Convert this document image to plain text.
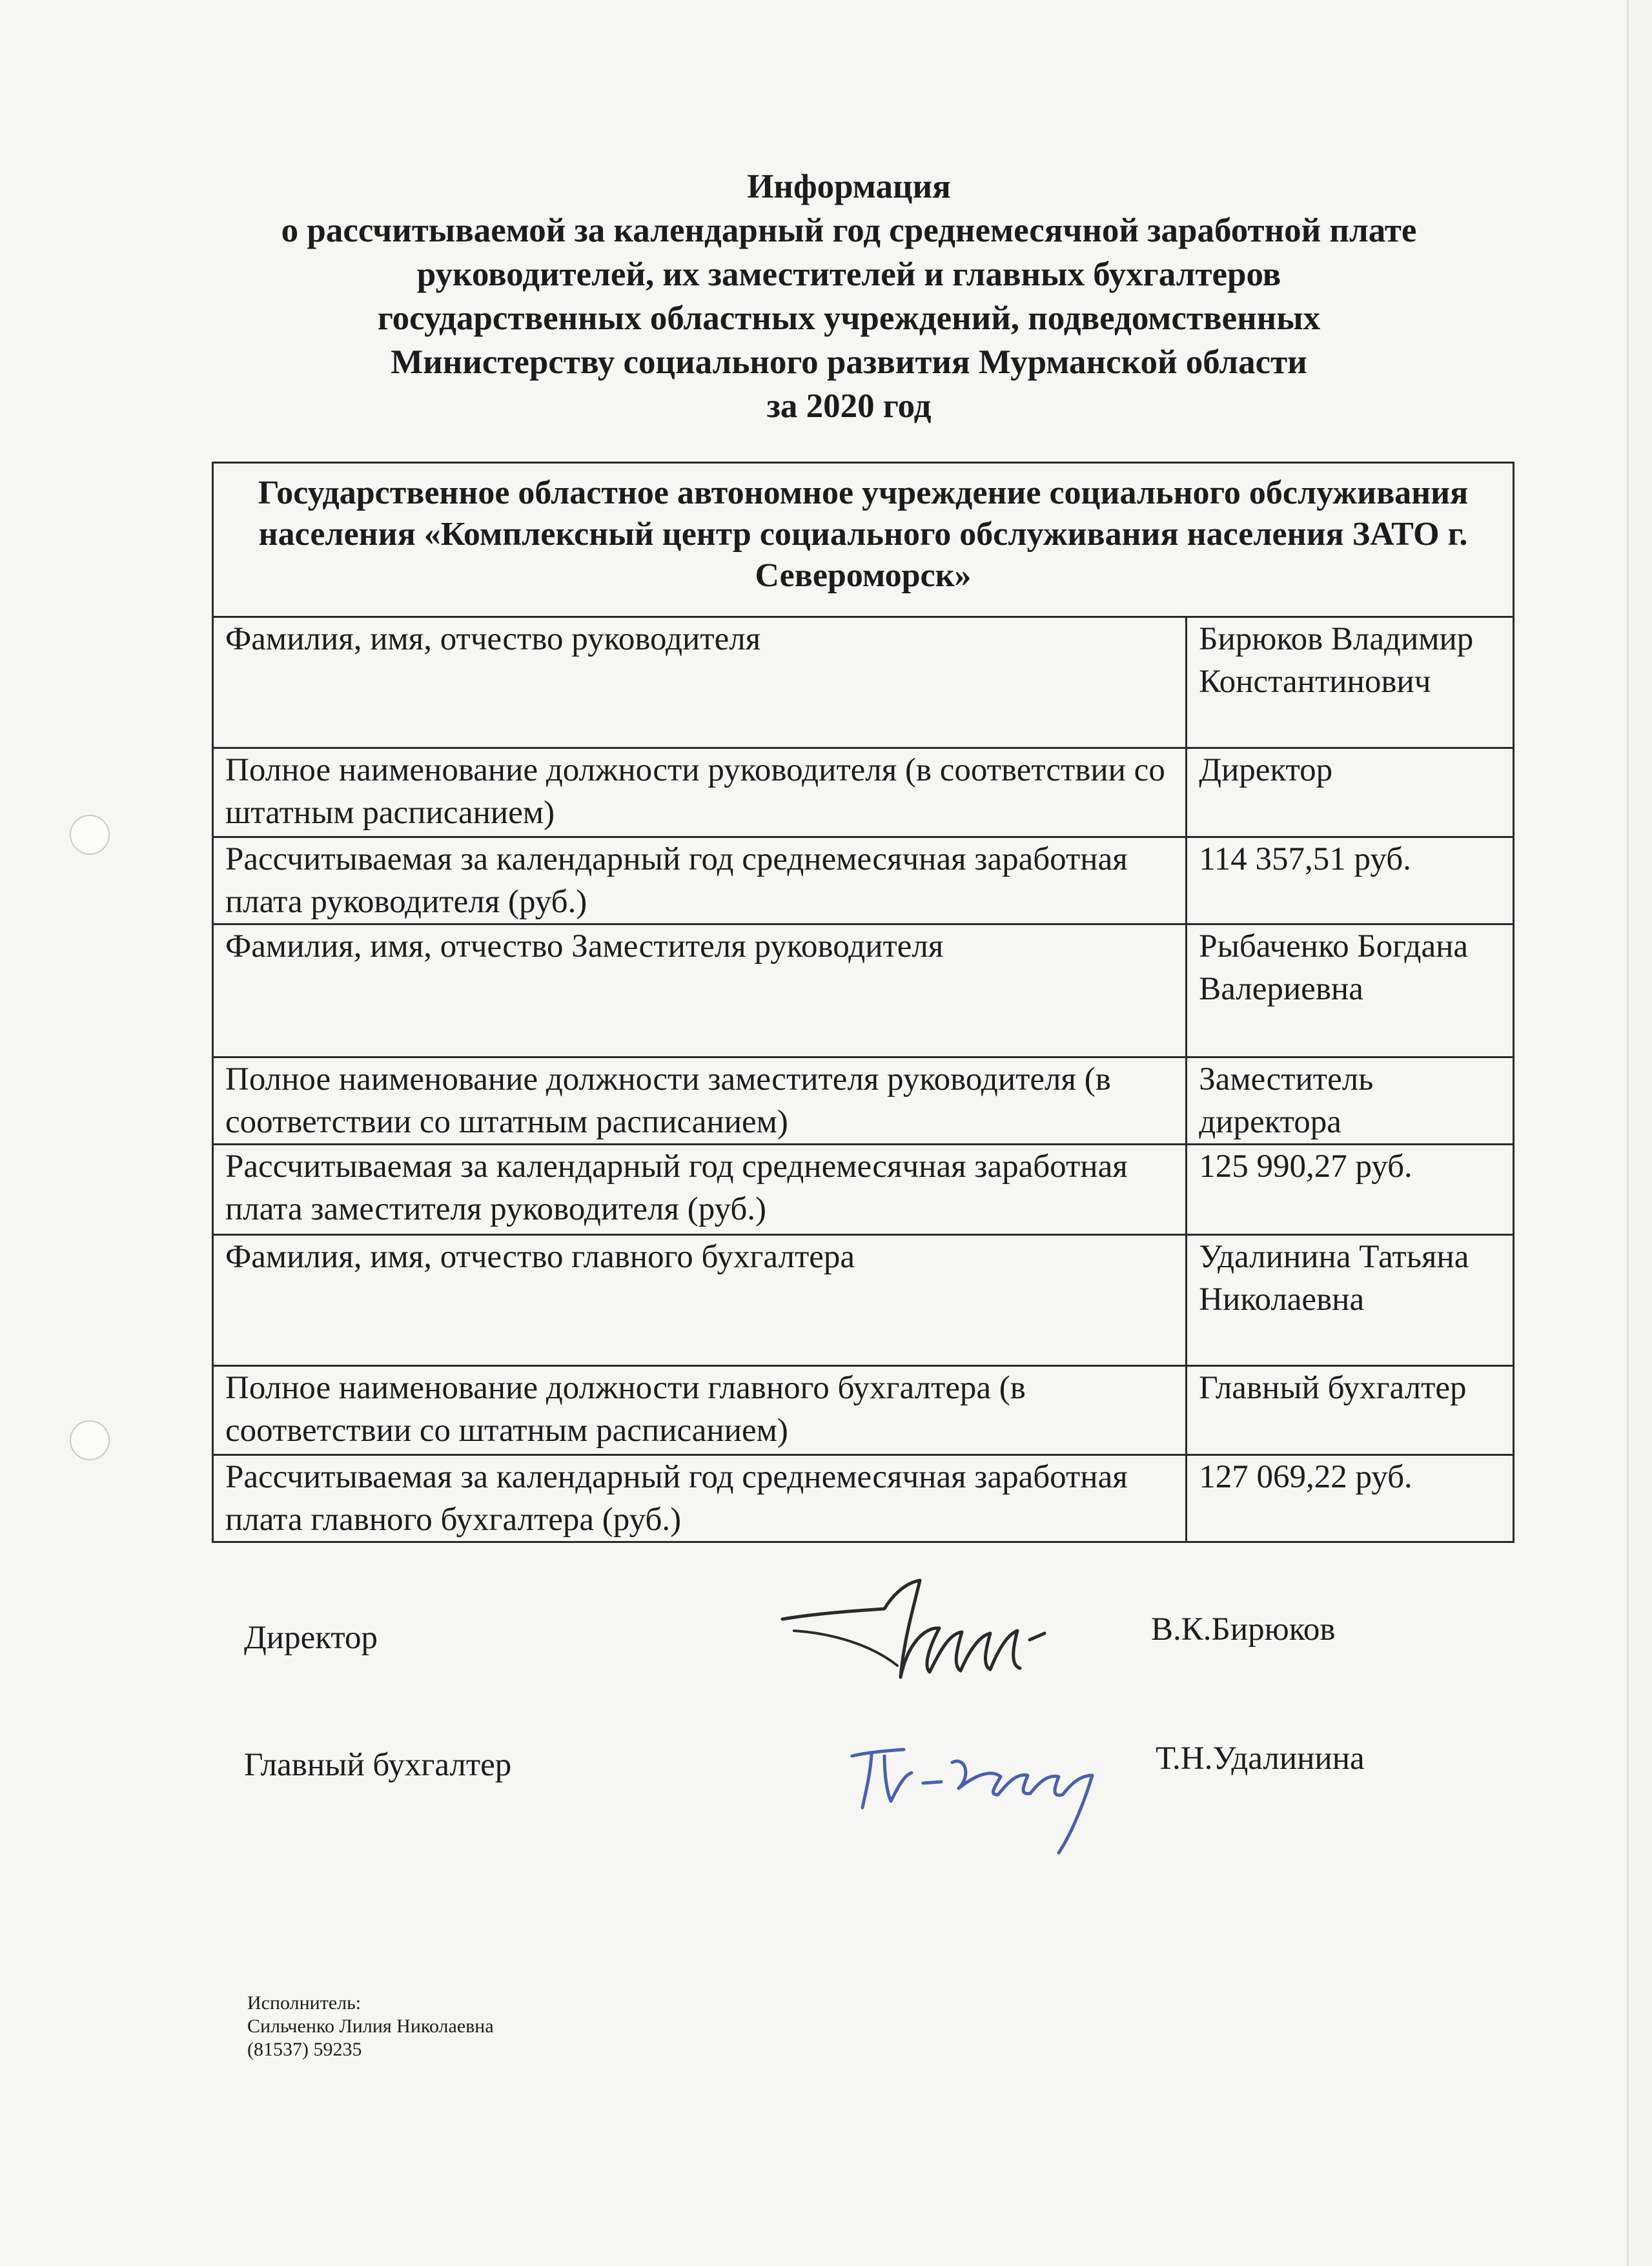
Информация
о рассчитываемой за календарный год среднемесячной заработной плате
руководителей, их заместителей и главных бухгалтеров
государственных областных учреждений, подведомственных
Министерству социального развития Мурманской области
за 2020 год
Государственное областное автономное учреждение социального обслуживания населения «Комплексный центр социального обслуживания населения ЗАТО г. Североморск»	
Фамилия, имя, отчество руководителя	Бирюков Владимир Константинович
Полное наименование должности руководителя (в соответствии со штатным расписанием)	Директор
Рассчитываемая за календарный год среднемесячная заработная плата руководителя (руб.)	114 357,51 руб.
Фамилия, имя, отчество Заместителя руководителя	Рыбаченко Богдана Валериевна
Полное наименование должности заместителя руководителя (в соответствии со штатным расписанием)	Заместитель директора
Рассчитываемая за календарный год среднемесячная заработная плата заместителя руководителя (руб.)	125 990,27 руб.
Фамилия, имя, отчество главного бухгалтера	Удалинина Татьяна Николаевна
Полное наименование должности главного бухгалтера (в соответствии со штатным расписанием)	Главный бухгалтер
Рассчитываемая за календарный год среднемесячная заработная плата главного бухгалтера (руб.)	127 069,22 руб.
Директор	В.К.Бирюков
Главный бухгалтер	Т.Н.Удалинина
Исполнитель:
Сильченко Лилия Николаевна
(81537) 59235
